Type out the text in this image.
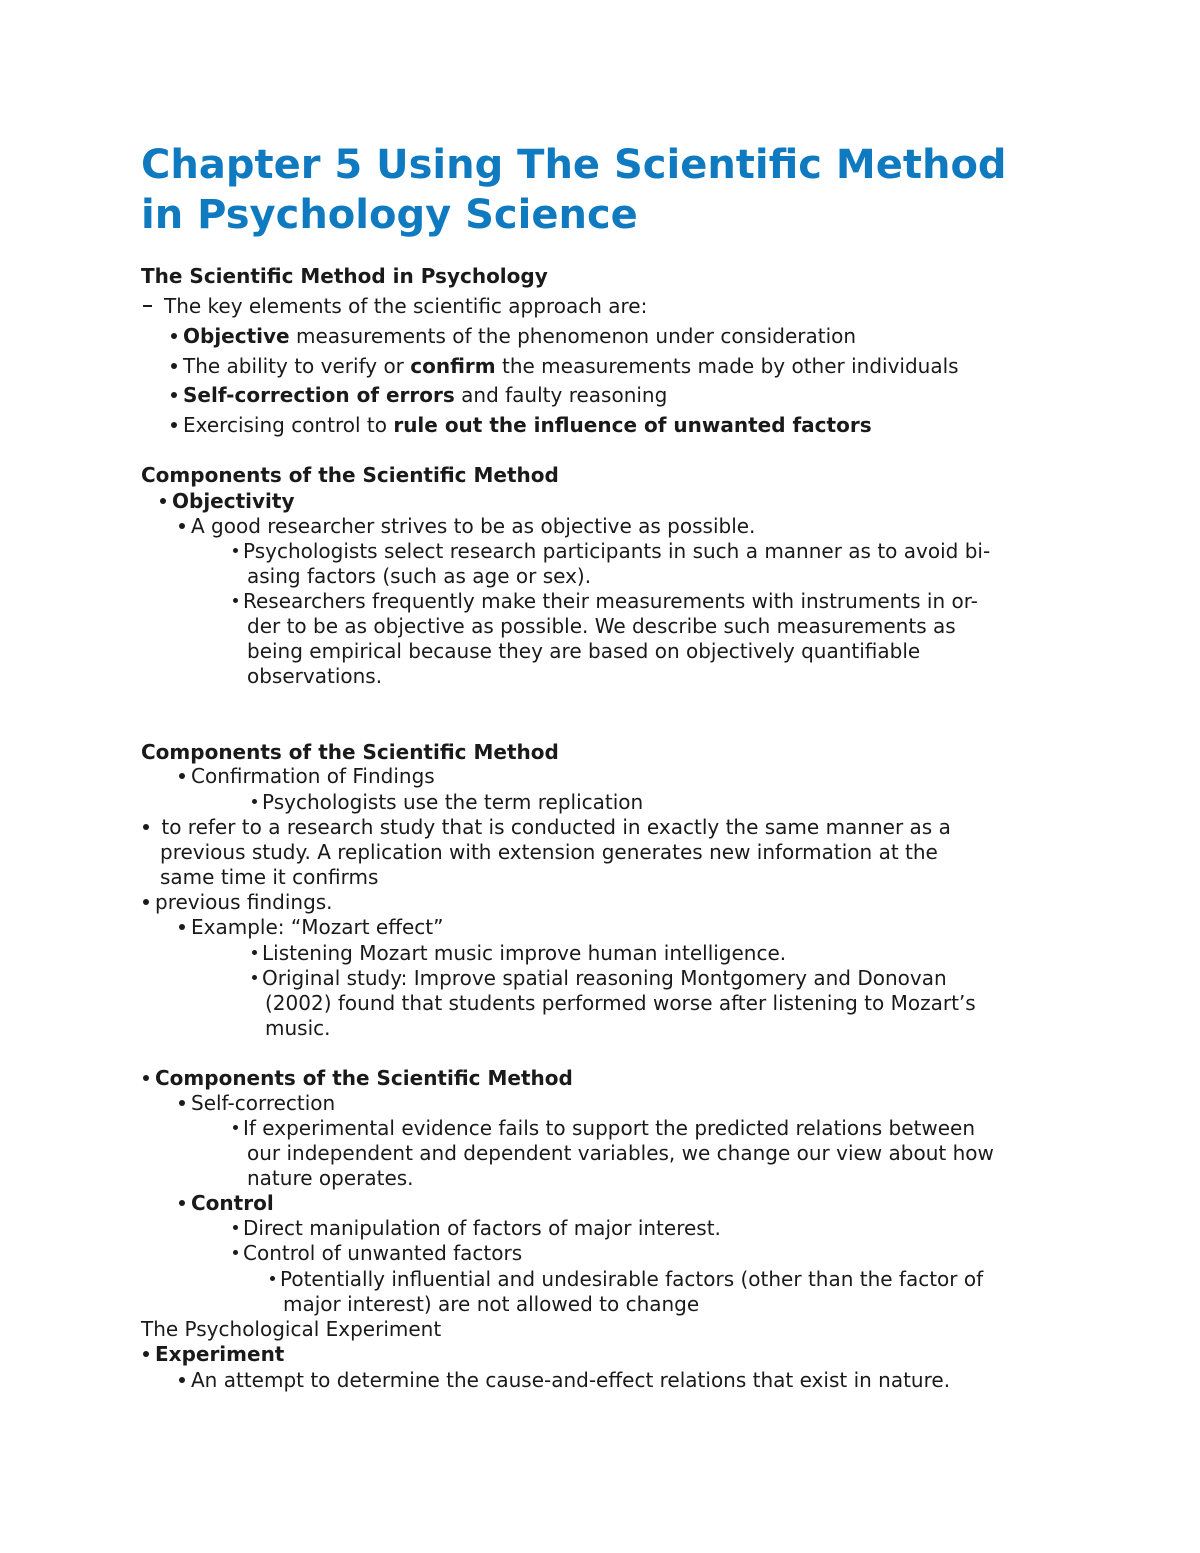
Chapter 5 Using The Scientific Method
in Psychology Science
The Scientific Method in Psychology
The key elements of the scientific approach are:
Objective measurements of the phenomenon under consideration
The ability to verify or confirm the measurements made by other individuals
Self-correction of errors and faulty reasoning
Exercising control to rule out the influence of unwanted factors
Components of the Scientific Method
Objectivity
A good researcher strives to be as objective as possible.
Psychologists select research participants in such a manner as to avoid bi-
asing factors (such as age or sex).
Researchers frequently make their measurements with instruments in or-
der to be as objective as possible. We describe such measurements as
being empirical because they are based on objectively quantifiable
observations.
Components of the Scientific Method
Confirmation of Findings
Psychologists use the term replication
to refer to a research study that is conducted in exactly the same manner as a
previous study. A replication with extension generates new information at the
same time it confirms
previous findings.
Example: “Mozart effect”
Listening Mozart music improve human intelligence.
Original study: Improve spatial reasoning Montgomery and Donovan
(2002) found that students performed worse after listening to Mozart’s
music.
Components of the Scientific Method
Self-correction
If experimental evidence fails to support the predicted relations between
our independent and dependent variables, we change our view about how
nature operates.
Control
Direct manipulation of factors of major interest.
Control of unwanted factors
Potentially influential and undesirable factors (other than the factor of
major interest) are not allowed to change
The Psychological Experiment
Experiment
An attempt to determine the cause-and-effect relations that exist in nature.
